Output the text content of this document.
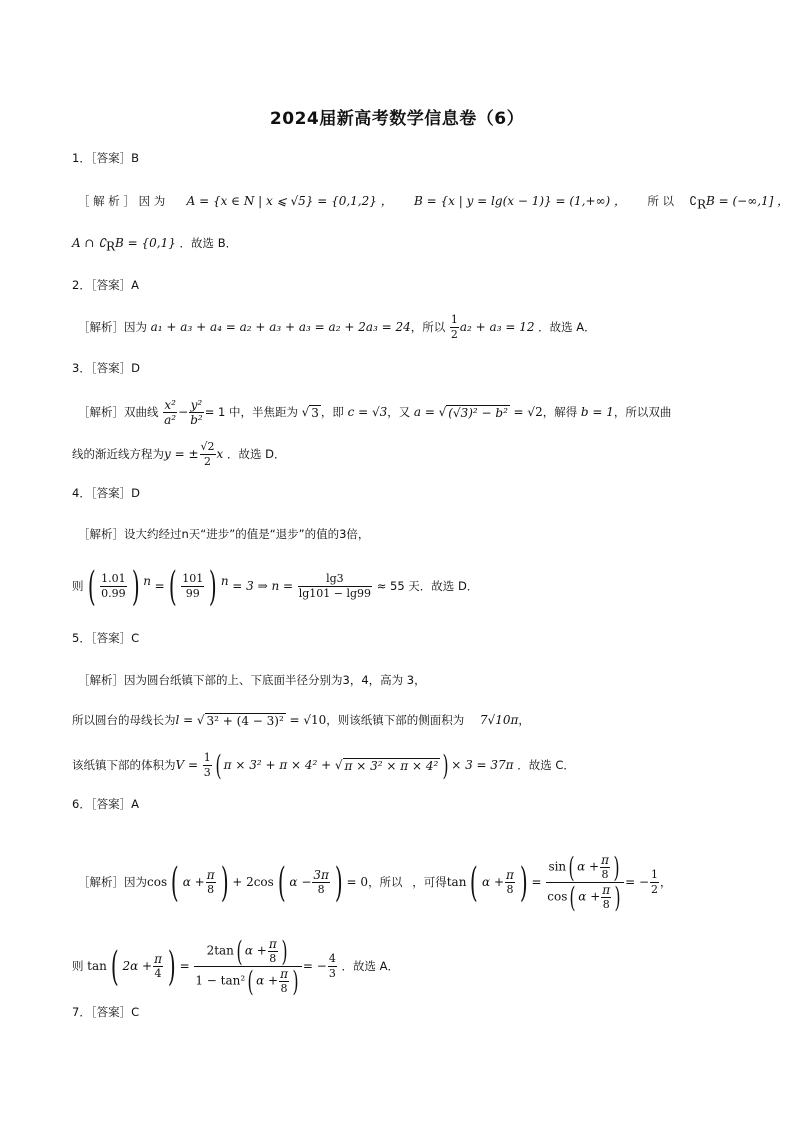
2024届新高考数学信息卷（6）
1．［答案］B
［ 解 析 ］ 因 为 A = {x ∈ N | x ⩽ √5} = {0,1,2} ， B = {x | y = lg(x − 1)} = (1,+∞) ， 所 以 $∁_RB = (-\infty,1]$ ，
A ∩ $∁_RB = \{0,1\}$ ．故选 B．
2．［答案］A
［解析］因为 a₁ + a₃ + a₄ = a₂ + a₃ + a₃ = a₂ + 2a₃ = 24，所以 $\frac{1}{2} a_2 + a_3 = 12$ ．故选 A．
3．［答案］D
［解析］双曲线 $\frac{\text{x²}}{\text{a²}} - \frac{\text{y²}}{\text{b²}} = 1$ 中，半焦距为 √ 3 ，即 c = √3，又 a = √ (√3)² − b² = √2，解得 b = 1，所以双曲
线的渐近线方程为y = ± $\frac{√2}{2}$ x ．故选 D．
4．［答案］D
［解析］设大约经过n天“进步”的值是“退步”的值的3倍，
则( $\frac{1.01}{0.99}$ ) $^n$ =( $\frac{101}{99}$ ) $^n$ = 3 ⇒ $n = \frac{\lg 3}{\lg 101 - \lg 99} \approx 55$ 天．故选 D．
5．［答案］C
［解析］因为圆台纸镇下部的上、下底面半径分别为3，4，高为 3，
所以圆台的母线长为l = √ 3² + (4 − 3)² = √10，则该纸镇下部的侧面积为 7√10π，
该纸镇下部的体积为$V = \frac{1}{3}$ ( π × 3² + π × 4² + √ π × 3² × π × 4² ) × 3 = 37π ．故选 C．
6．［答案］A
［解析］因为cos( $\alpha + \frac{\pi}{8}$ ) + 2cos( $\alpha - \frac{3\pi}{8}$ ) = 0，所以 ，可得tan( $\alpha + \frac{\pi}{8}$ ) = $\frac{\sin( \alpha + \frac{\pi}{8} )}{\cos( \alpha + \frac{\pi}{8} )}$ = − $\frac{1}{2}$ ，
则 tan( $2\alpha + \frac{\pi}{4}$ ) = $\frac{2\tan( \alpha + \frac{\pi}{8} )}{1 - \tan^2( \alpha + \frac{\pi}{8} )}$ = − $\frac{4}{3}$ ．故选 A．
7．［答案］C
